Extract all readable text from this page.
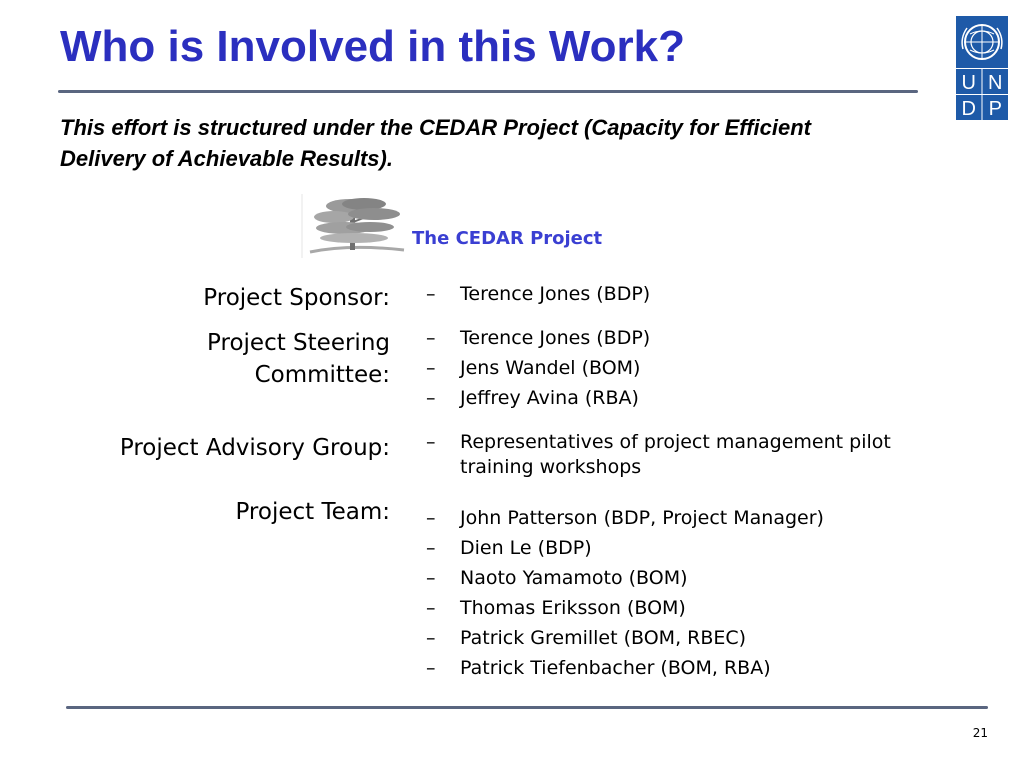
Who is Involved in this Work?
U N
D P
This effort is structured under the CEDAR Project (Capacity for Efficient Delivery of Achievable Results).
The CEDAR Project
Project Sponsor: – Terence Jones (BDP)
Project Steering Committee:
– Terence Jones (BDP)
– Jens Wandel (BOM)
– Jeffrey Avina (RBA)
Project Advisory Group: – Representatives of project management pilot training workshops
Project Team: – John Patterson (BDP, Project Manager)
– Dien Le (BDP)
– Naoto Yamamoto (BOM)
– Thomas Eriksson (BOM)
– Patrick Gremillet (BOM, RBEC)
– Patrick Tiefenbacher (BOM, RBA)
21
